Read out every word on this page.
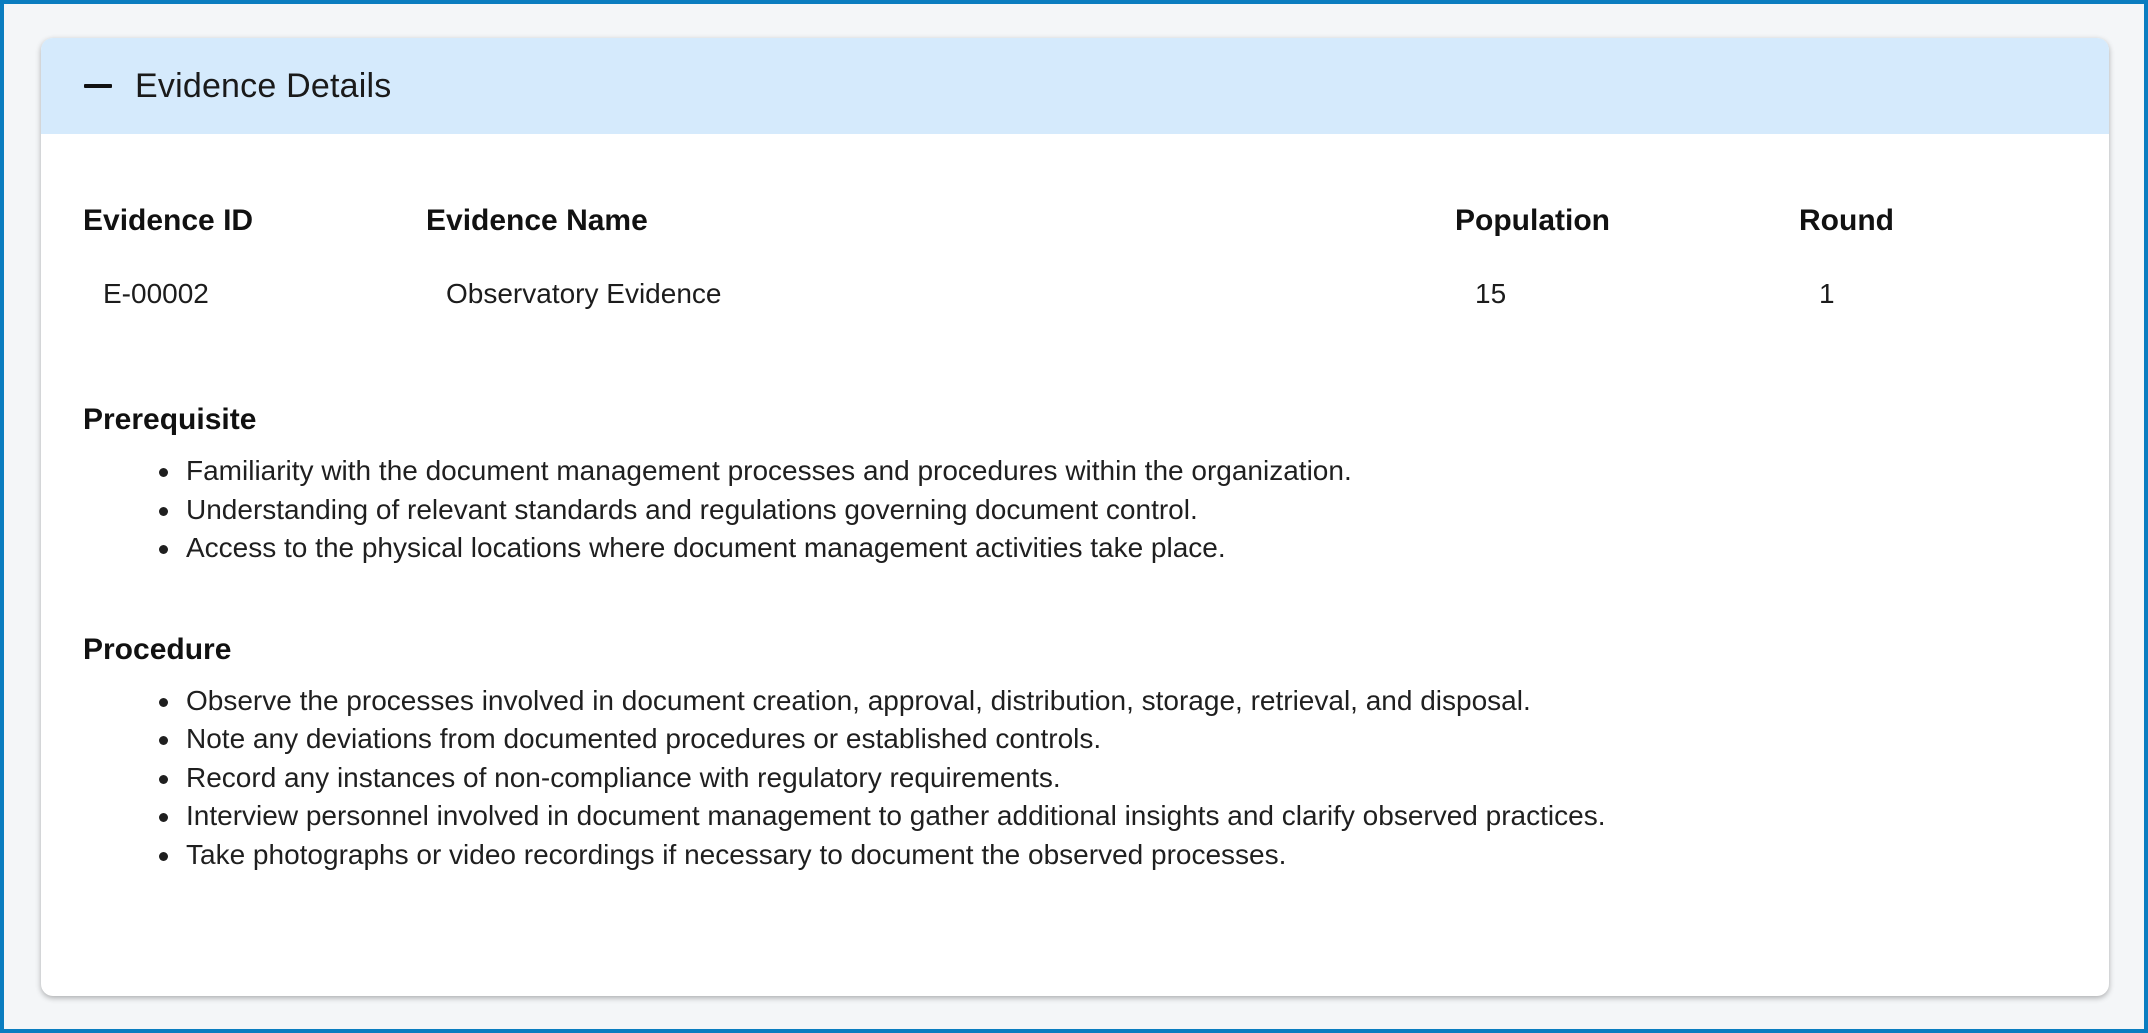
Evidence Details
Evidence ID	Evidence Name	Population	Round
E-00002	Observatory Evidence	15	1
Prerequisite
Familiarity with the document management processes and procedures within the organization.
Understanding of relevant standards and regulations governing document control.
Access to the physical locations where document management activities take place.
Procedure
Observe the processes involved in document creation, approval, distribution, storage, retrieval, and disposal.
Note any deviations from documented procedures or established controls.
Record any instances of non-compliance with regulatory requirements.
Interview personnel involved in document management to gather additional insights and clarify observed practices.
Take photographs or video recordings if necessary to document the observed processes.
